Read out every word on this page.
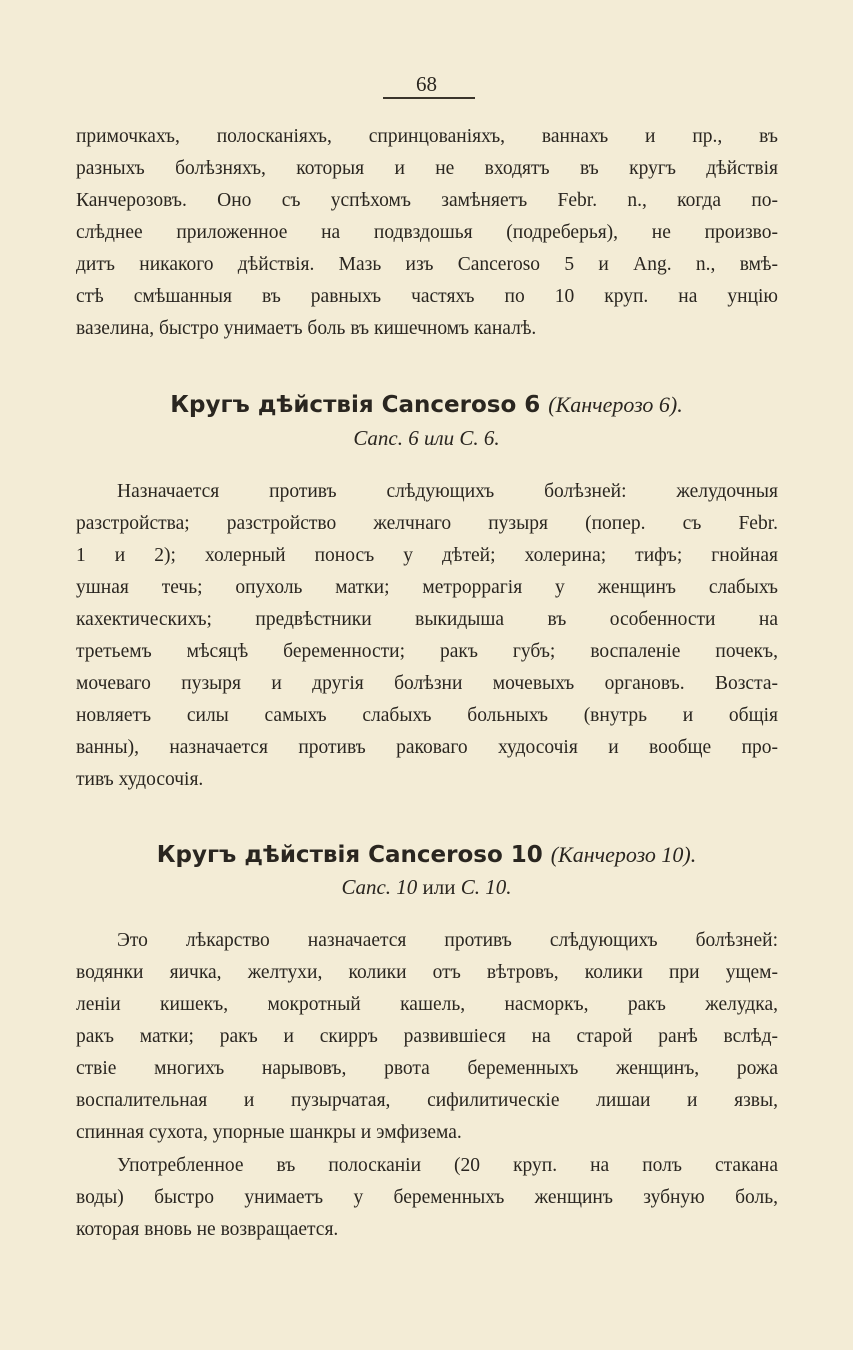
68
примочкахъ, полосканіяхъ, спринцованіяхъ, ваннахъ и пр., въ
разныхъ болѣзняхъ, которыя и не входятъ въ кругъ дѣйствія
Канчерозовъ. Оно съ успѣхомъ замѣняетъ Febr. n., когда по-
слѣднее приложенное на подвздошья (подреберья), не произво-
дитъ никакого дѣйствія. Мазь изъ Canceroso 5 и Ang. n., вмѣ-
стѣ смѣшанныя въ равныхъ частяхъ по 10 круп. на унцію
вазелина, быстро унимаетъ боль въ кишечномъ каналѣ.
Кругъ дѣйствія Canceroso 6 (Канчерозо 6).
Canc. 6 или C. 6.
Назначается противъ слѣдующихъ болѣзней: желудочныя
разстройства; разстройство желчнаго пузыря (попер. съ Febr.
1 и 2); холерный поносъ у дѣтей; холерина; тифъ; гнойная
ушная течь; опухоль матки; метроррагія у женщинъ слабыхъ
кахектическихъ; предвѣстники выкидыша въ особенности на
третьемъ мѣсяцѣ беременности; ракъ губъ; воспаленіе почекъ,
мочеваго пузыря и другія болѣзни мочевыхъ органовъ. Возста-
новляетъ силы самыхъ слабыхъ больныхъ (внутрь и общія
ванны), назначается противъ раковаго худосочія и вообще про-
тивъ худосочія.
Кругъ дѣйствія Canceroso 10 (Канчерозо 10).
Canc. 10 или C. 10.
Это лѣкарство назначается противъ слѣдующихъ болѣзней:
водянки яичка, желтухи, колики отъ вѣтровъ, колики при ущем-
леніи кишекъ, мокротный кашель, насморкъ, ракъ желудка,
ракъ матки; ракъ и скирръ развившіеся на старой ранѣ вслѣд-
ствіе многихъ нарывовъ, рвота беременныхъ женщинъ, рожа
воспалительная и пузырчатая, сифилитическіе лишаи и язвы,
спинная сухота, упорные шанкры и эмфизема.
Употребленное въ полосканіи (20 круп. на полъ стакана
воды) быстро унимаетъ у беременныхъ женщинъ зубную боль,
которая вновь не возвращается.
